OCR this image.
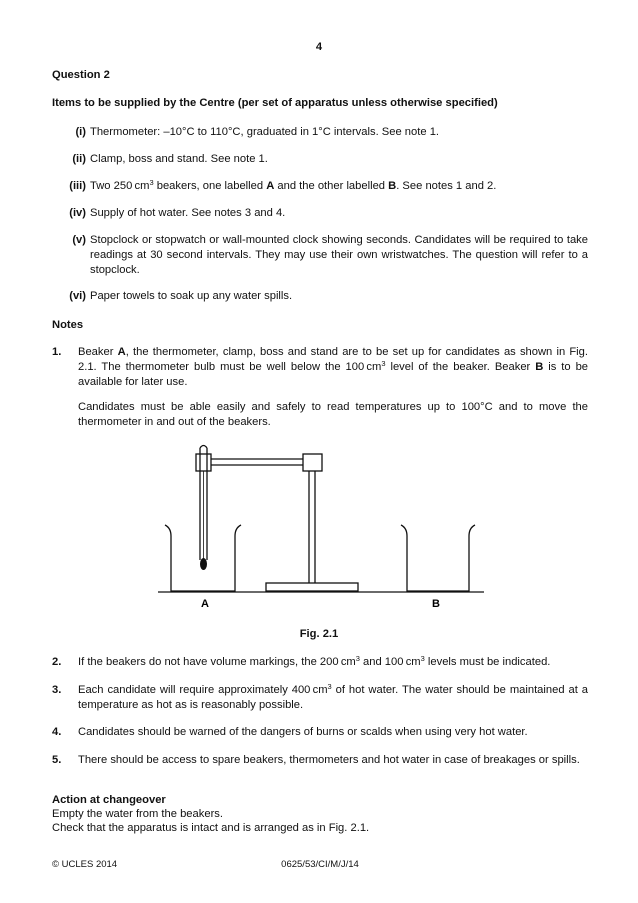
4
Question 2
Items to be supplied by the Centre (per set of apparatus unless otherwise specified)
(i) Thermometer: –10°C to 110°C, graduated in 1°C intervals. See note 1.
(ii) Clamp, boss and stand. See note 1.
(iii) Two 250 $cm^3$ beakers, one labelled A and the other labelled B. See notes 1 and 2.
(iv) Supply of hot water. See notes 3 and 4.
(v) Stopclock or stopwatch or wall-mounted clock showing seconds. Candidates will be required to take readings at 30 second intervals. They may use their own wristwatches. The question will refer to a stopclock.
(vi) Paper towels to soak up any water spills.
Notes
1. Beaker A, the thermometer, clamp, boss and stand are to be set up for candidates as shown in Fig. 2.1. The thermometer bulb must be well below the 100 $cm^3$ level of the beaker. Beaker B is to be available for later use.
Candidates must be able easily and safely to read temperatures up to 100°C and to move the thermometer in and out of the beakers.
A	B
Fig. 2.1
2. If the beakers do not have volume markings, the 200 $cm^3$ and 100 $cm^3$ levels must be indicated.
3. Each candidate will require approximately 400 $cm^3$ of hot water. The water should be maintained at a temperature as hot as is reasonably possible.
4. Candidates should be warned of the dangers of burns or scalds when using very hot water.
5. There should be access to spare beakers, thermometers and hot water in case of breakages or spills.
Action at changeover
Empty the water from the beakers.
Check that the apparatus is intact and is arranged as in Fig. 2.1.
© UCLES 2014	0625/53/CI/M/J/14
